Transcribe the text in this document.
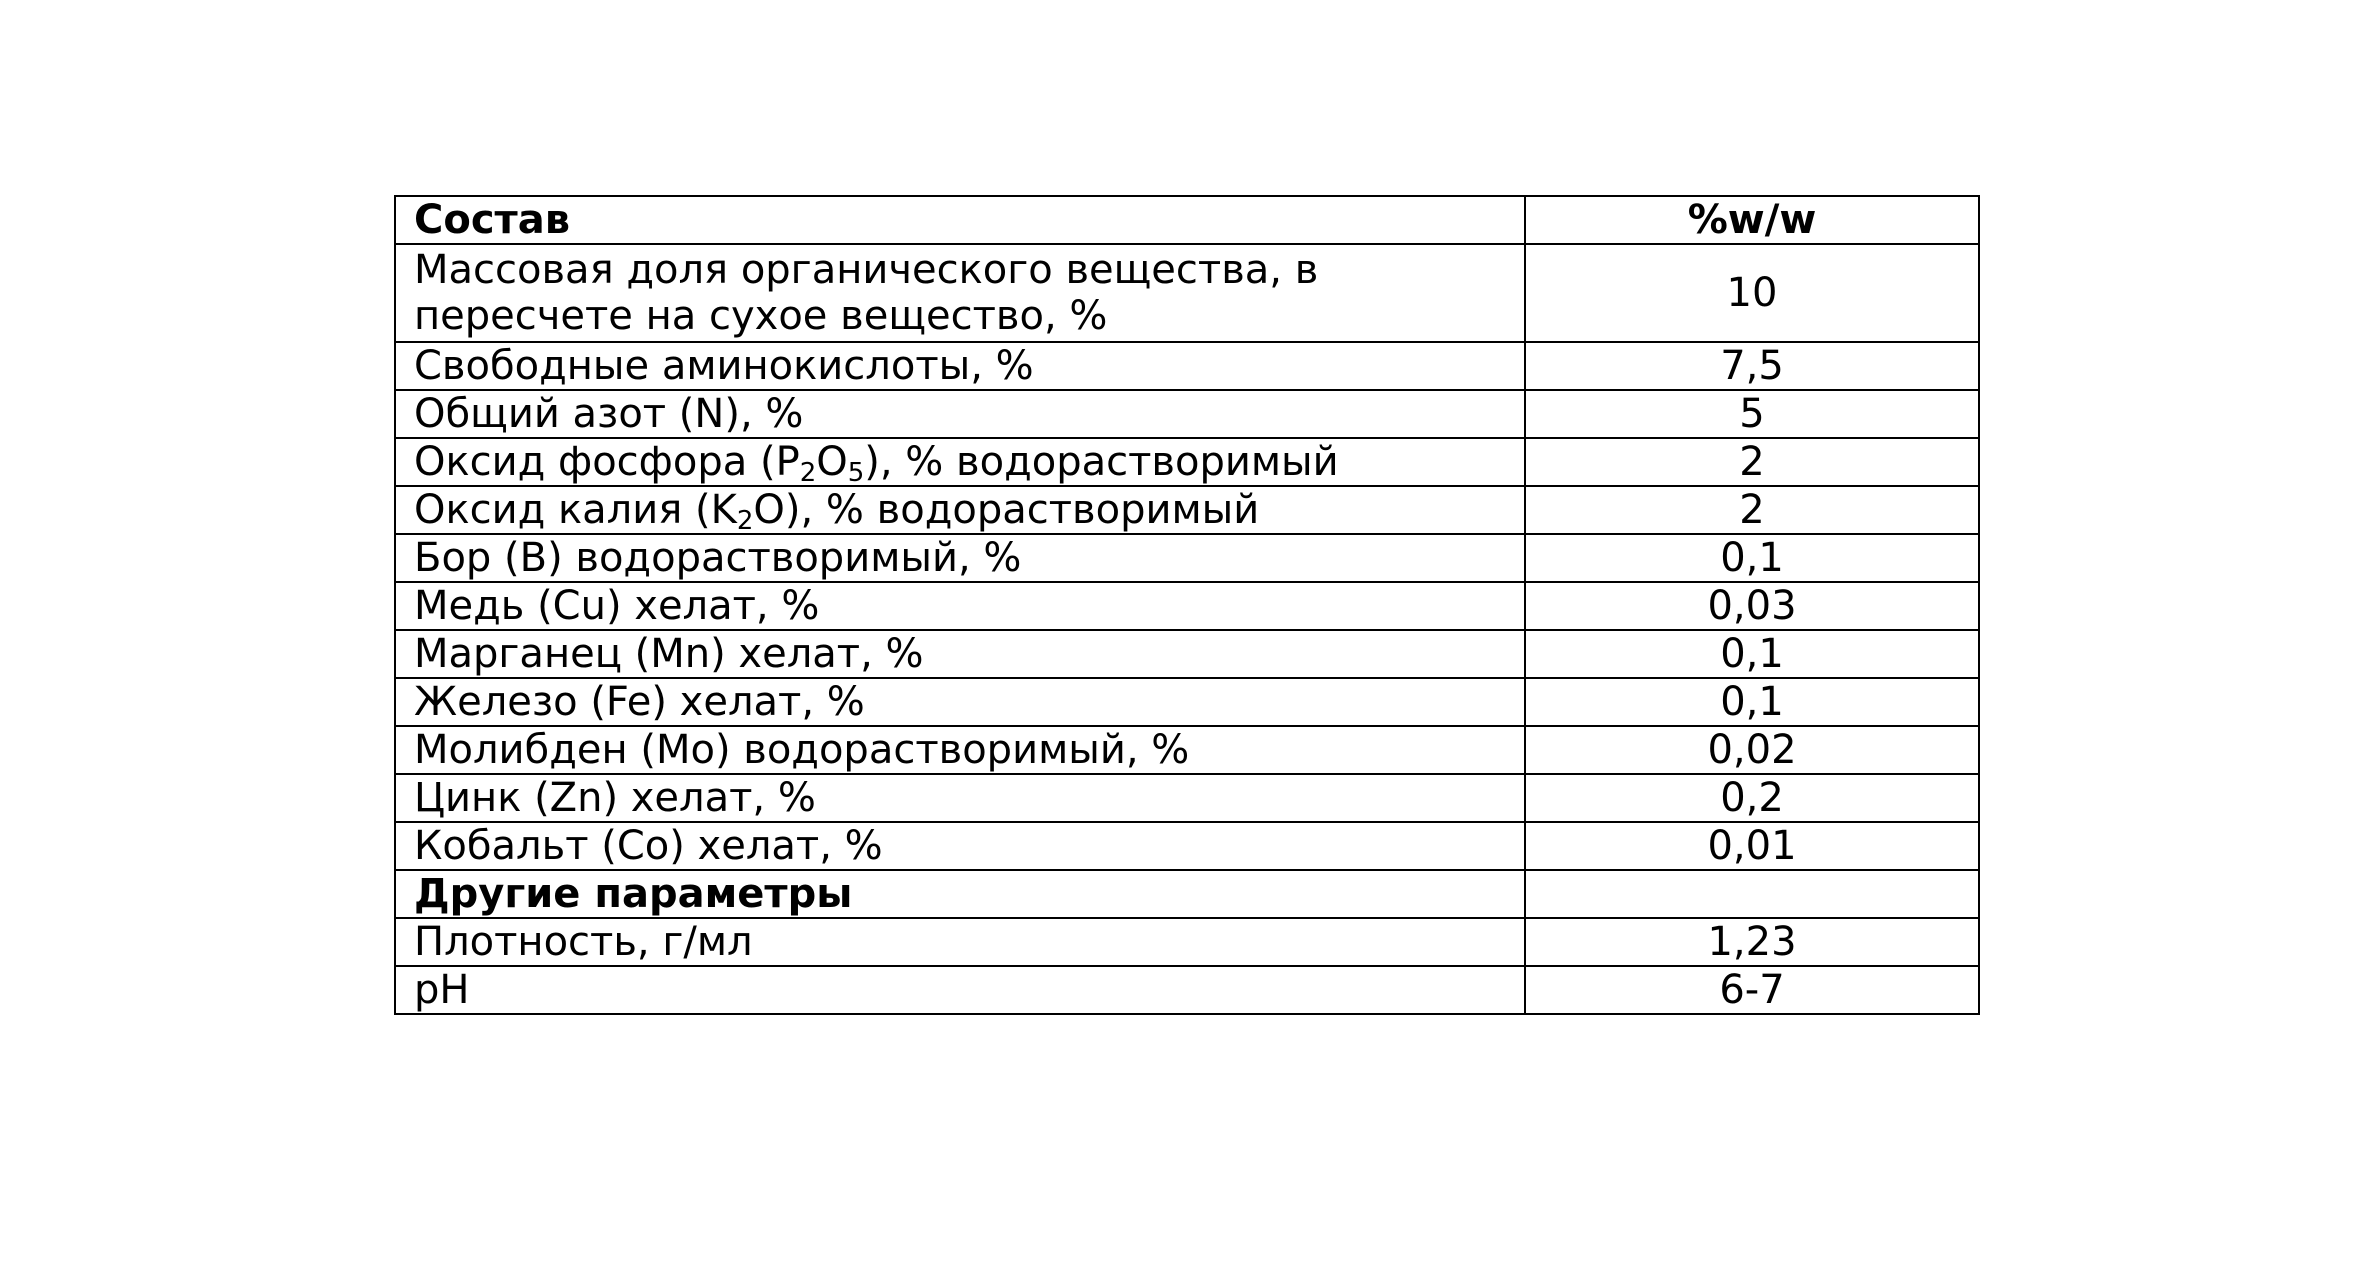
Состав	%w/w
Массовая доля органического вещества, в пересчете на сухое вещество, %	10
Свободные аминокислоты, %	7,5
Общий азот (N), %	5
Оксид фосфора $(P_2O_5)$, % водорастворимый	2
Оксид калия $(K_2O)$, % водорастворимый	2
Бор (B) водорастворимый, %	0,1
Медь (Cu) хелат, %	0,03
Марганец (Mn) хелат, %	0,1
Железо (Fe) хелат, %	0,1
Молибден (Mo) водорастворимый, %	0,02
Цинк (Zn) хелат, %	0,2
Кобальт (Co) хелат, %	0,01
Другие параметры	
Плотность, г/мл	1,23
pH	6-7
